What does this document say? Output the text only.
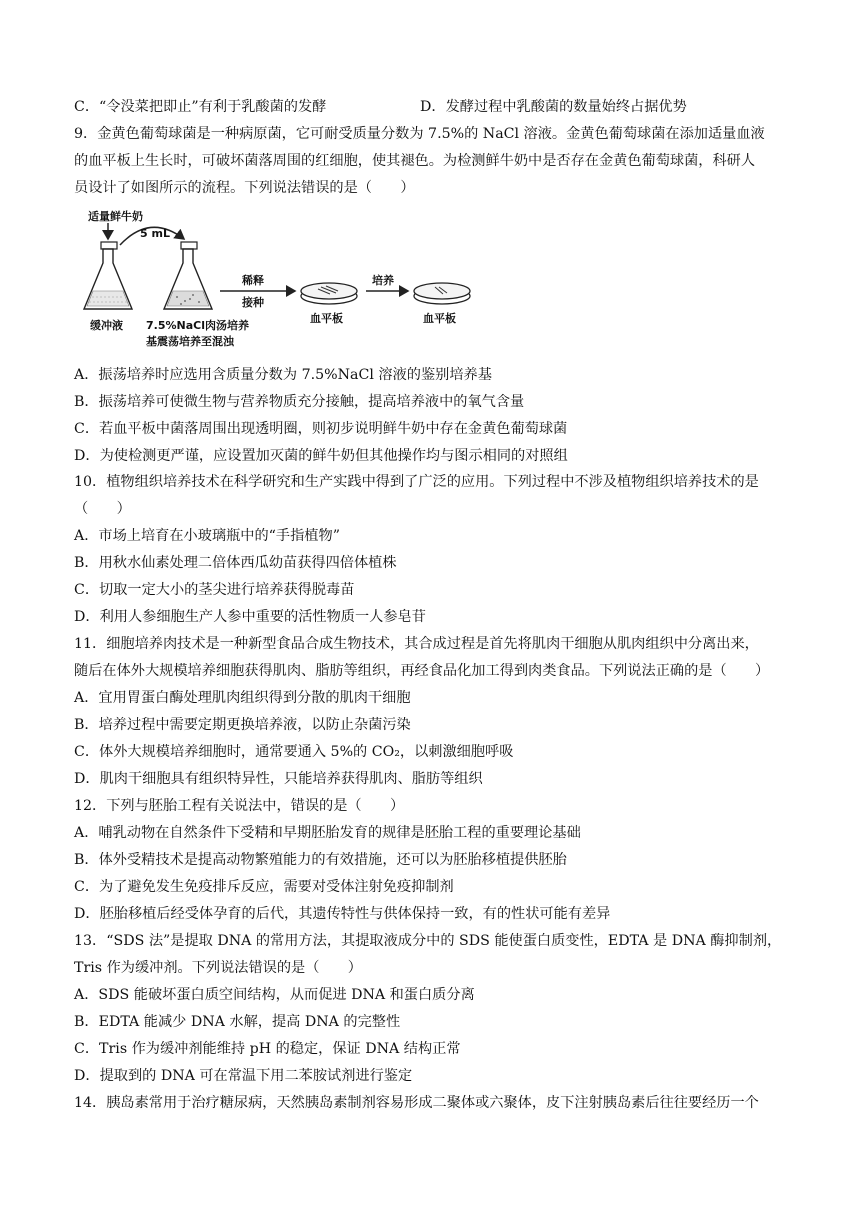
C．“令没菜把即止”有利于乳酸菌的发酵	D．发酵过程中乳酸菌的数量始终占据优势
9．金黄色葡萄球菌是一种病原菌，它可耐受质量分数为 7.5%的 NaCl 溶液。金黄色葡萄球菌在添加适量血液
的血平板上生长时，可破坏菌落周围的红细胞，使其褪色。为检测鲜牛奶中是否存在金黄色葡萄球菌，科研人
员设计了如图所示的流程。下列说法错误的是（　　）
适量鲜牛奶
5 mL
缓冲液 7.5%NaCl肉汤培养
基震荡培养至混浊
稀释
接种
培养
血平板	血平板
A．振荡培养时应选用含质量分数为 7.5%NaCl 溶液的鉴别培养基
B．振荡培养可使微生物与营养物质充分接触，提高培养液中的氧气含量
C．若血平板中菌落周围出现透明圈，则初步说明鲜牛奶中存在金黄色葡萄球菌
D．为使检测更严谨，应设置加灭菌的鲜牛奶但其他操作均与图示相同的对照组
10．植物组织培养技术在科学研究和生产实践中得到了广泛的应用。下列过程中不涉及植物组织培养技术的是
（　　）
A．市场上培育在小玻璃瓶中的“手指植物”
B．用秋水仙素处理二倍体西瓜幼苗获得四倍体植株
C．切取一定大小的茎尖进行培养获得脱毒苗
D．利用人参细胞生产人参中重要的活性物质一人参皂苷
11．细胞培养肉技术是一种新型食品合成生物技术，其合成过程是首先将肌肉干细胞从肌肉组织中分离出来，
随后在体外大规模培养细胞获得肌肉、脂肪等组织，再经食品化加工得到肉类食品。下列说法正确的是（　　）
A．宜用胃蛋白酶处理肌肉组织得到分散的肌肉干细胞
B．培养过程中需要定期更换培养液，以防止杂菌污染
C．体外大规模培养细胞时，通常要通入 5%的 CO₂，以刺激细胞呼吸
D．肌肉干细胞具有组织特异性，只能培养获得肌肉、脂肪等组织
12．下列与胚胎工程有关说法中，错误的是（　　）
A．哺乳动物在自然条件下受精和早期胚胎发育的规律是胚胎工程的重要理论基础
B．体外受精技术是提高动物繁殖能力的有效措施，还可以为胚胎移植提供胚胎
C．为了避免发生免疫排斥反应，需要对受体注射免疫抑制剂
D．胚胎移植后经受体孕育的后代，其遗传特性与供体保持一致，有的性状可能有差异
13．“SDS 法”是提取 DNA 的常用方法，其提取液成分中的 SDS 能使蛋白质变性，EDTA 是 DNA 酶抑制剂，
Tris 作为缓冲剂。下列说法错误的是（　　）
A．SDS 能破坏蛋白质空间结构，从而促进 DNA 和蛋白质分离
B．EDTA 能减少 DNA 水解，提高 DNA 的完整性
C．Tris 作为缓冲剂能维持 pH 的稳定，保证 DNA 结构正常
D．提取到的 DNA 可在常温下用二苯胺试剂进行鉴定
14．胰岛素常用于治疗糖尿病，天然胰岛素制剂容易形成二聚体或六聚体，皮下注射胰岛素后往往要经历一个
